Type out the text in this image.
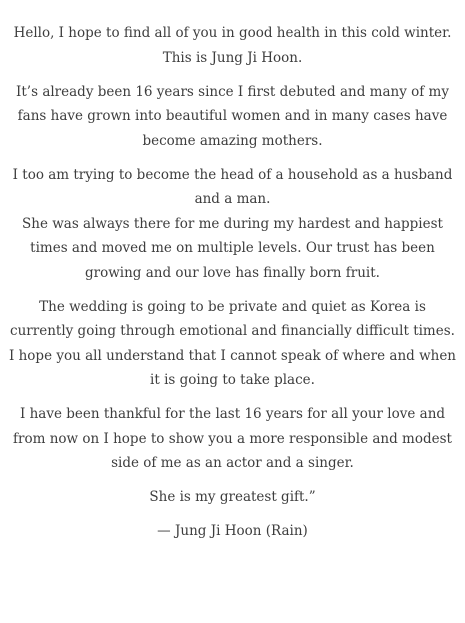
Hello, I hope to find all of you in good health in this cold winter. This is Jung Ji Hoon.

It’s already been 16 years since I first debuted and many of my fans have grown into beautiful women and in many cases have become amazing mothers.

I too am trying to become the head of a household as a husband and a man.
She was always there for me during my hardest and happiest times and moved me on multiple levels. Our trust has been growing and our love has finally born fruit.

The wedding is going to be private and quiet as Korea is currently going through emotional and financially difficult times. I hope you all understand that I cannot speak of where and when it is going to take place.

I have been thankful for the last 16 years for all your love and from now on I hope to show you a more responsible and modest side of me as an actor and a singer.

She is my greatest gift.”

— Jung Ji Hoon (Rain)
